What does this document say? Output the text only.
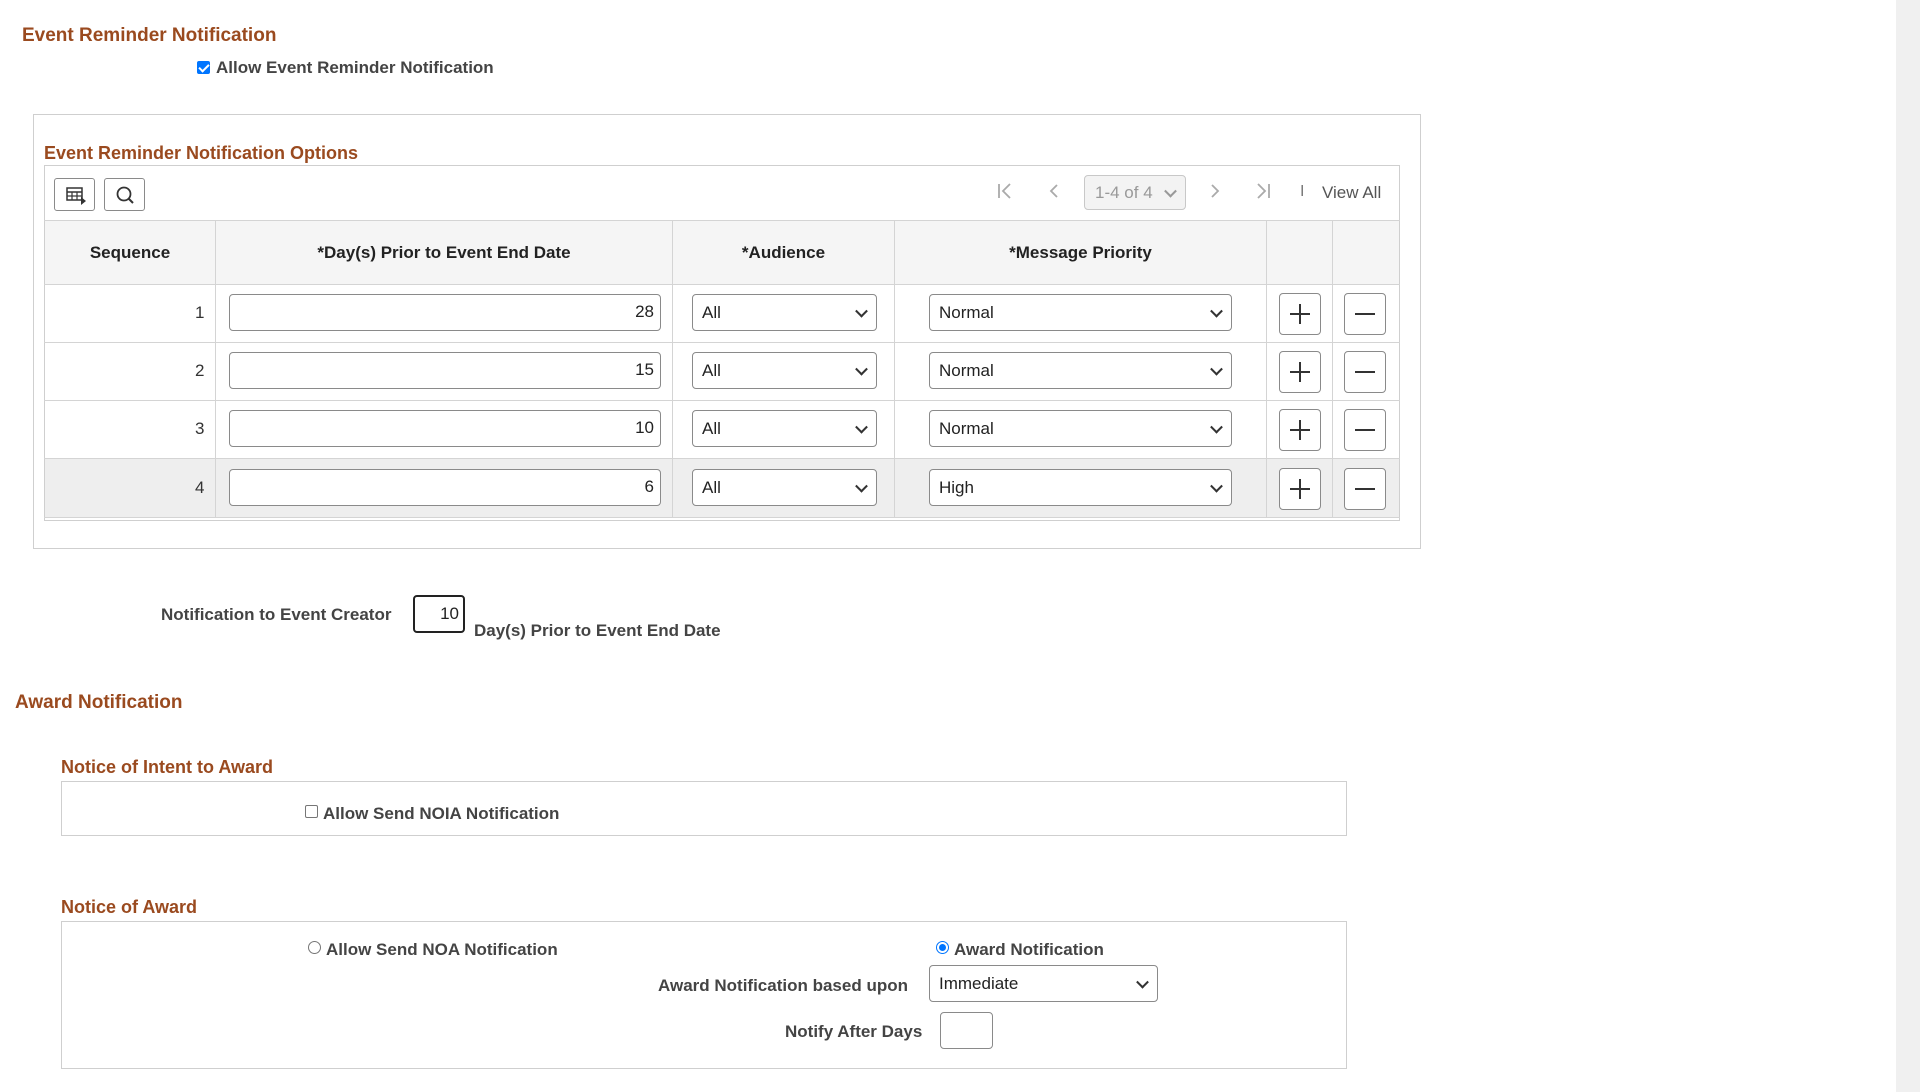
Event Reminder Notification
Allow Event Reminder Notification
Event Reminder Notification Options
1-4 of 4	I View All
Sequence	*Day(s) Prior to Event End Date	*Audience	*Message Priority
1	28	All	Normal
2	15	All	Normal
3	10	All	Normal
4	6	All	High
Notification to Event Creator	10
Day(s) Prior to Event End Date
Award Notification
Notice of Intent to Award
Allow Send NOIA Notification
Notice of Award
Allow Send NOA Notification	Award Notification
Award Notification based upon Immediate
Notify After Days
